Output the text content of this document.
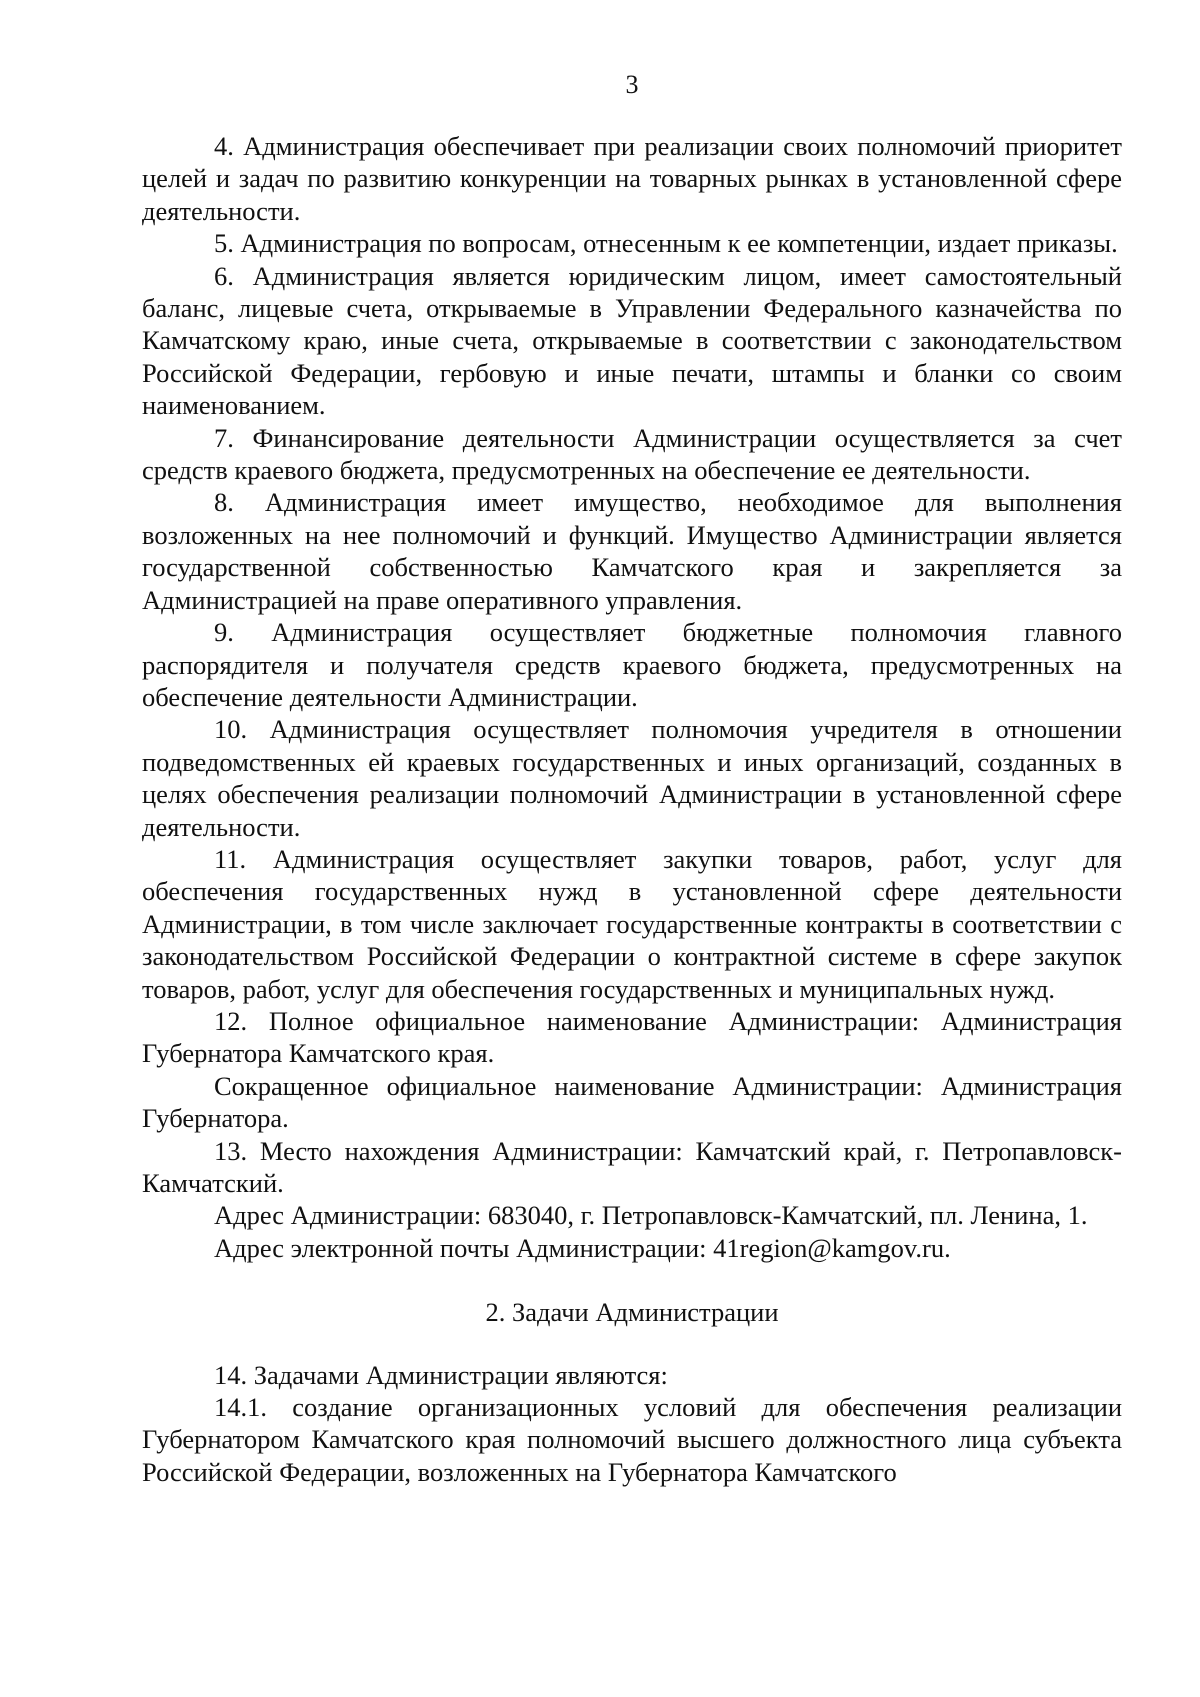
3

4. Администрация обеспечивает при реализации своих полномочий приоритет целей и задач по развитию конкуренции на товарных рынках в установленной сфере деятельности.

5. Администрация по вопросам, отнесенным к ее компетенции, издает приказы.

6. Администрация является юридическим лицом, имеет самостоятельный баланс, лицевые счета, открываемые в Управлении Федерального казначейства по Камчатскому краю, иные счета, открываемые в соответствии с законодательством Российской Федерации, гербовую и иные печати, штампы и бланки со своим наименованием.

7. Финансирование деятельности Администрации осуществляется за счет средств краевого бюджета, предусмотренных на обеспечение ее деятельности.

8. Администрация имеет имущество, необходимое для выполнения возложенных на нее полномочий и функций. Имущество Администрации является государственной собственностью Камчатского края и закрепляется за Администрацией на праве оперативного управления.

9. Администрация осуществляет бюджетные полномочия главного распорядителя и получателя средств краевого бюджета, предусмотренных на обеспечение деятельности Администрации.

10. Администрация осуществляет полномочия учредителя в отношении подведомственных ей краевых государственных и иных организаций, созданных в целях обеспечения реализации полномочий Администрации в установленной сфере деятельности.

11. Администрация осуществляет закупки товаров, работ, услуг для обеспечения государственных нужд в установленной сфере деятельности Администрации, в том числе заключает государственные контракты в соответствии с законодательством Российской Федерации о контрактной системе в сфере закупок товаров, работ, услуг для обеспечения государственных и муниципальных нужд.

12. Полное официальное наименование Администрации: Администрация Губернатора Камчатского края.

Сокращенное официальное наименование Администрации: Администрация Губернатора.

13. Место нахождения Администрации: Камчатский край, г. Петропавловск-Камчатский.

Адрес Администрации: 683040, г. Петропавловск-Камчатский, пл. Ленина, 1.

Адрес электронной почты Администрации: 41region@kamgov.ru.

2. Задачи Администрации

14. Задачами Администрации являются:

14.1. создание организационных условий для обеспечения реализации Губернатором Камчатского края полномочий высшего должностного лица субъекта Российской Федерации, возложенных на Губернатора Камчатского
